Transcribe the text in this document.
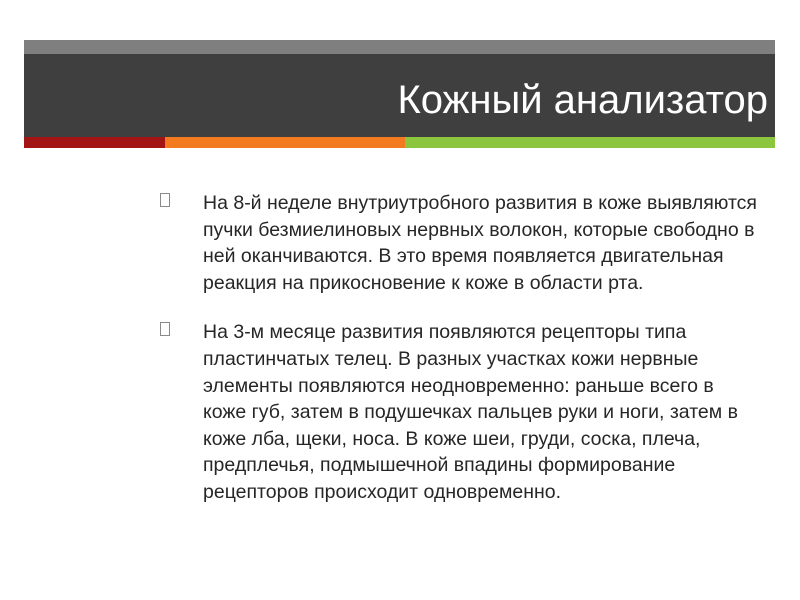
Кожный анализатор
На 8-й неделе внутриутробного развития в коже выявляются пучки безмиелиновых нервных волокон, которые свободно в ней оканчиваются. В это время появляется двигательная реакция на прикосновение к коже в области рта.
На 3-м месяце развития появляются рецепторы типа пластинчатых телец. В разных участках кожи нервные элементы появляются неодновременно: раньше всего в коже губ, затем в подушечках пальцев руки и ноги, затем в коже лба, щеки, носа. В коже шеи, груди, соска, плеча, предплечья, подмышечной впадины формирование рецепторов происходит одновременно.
